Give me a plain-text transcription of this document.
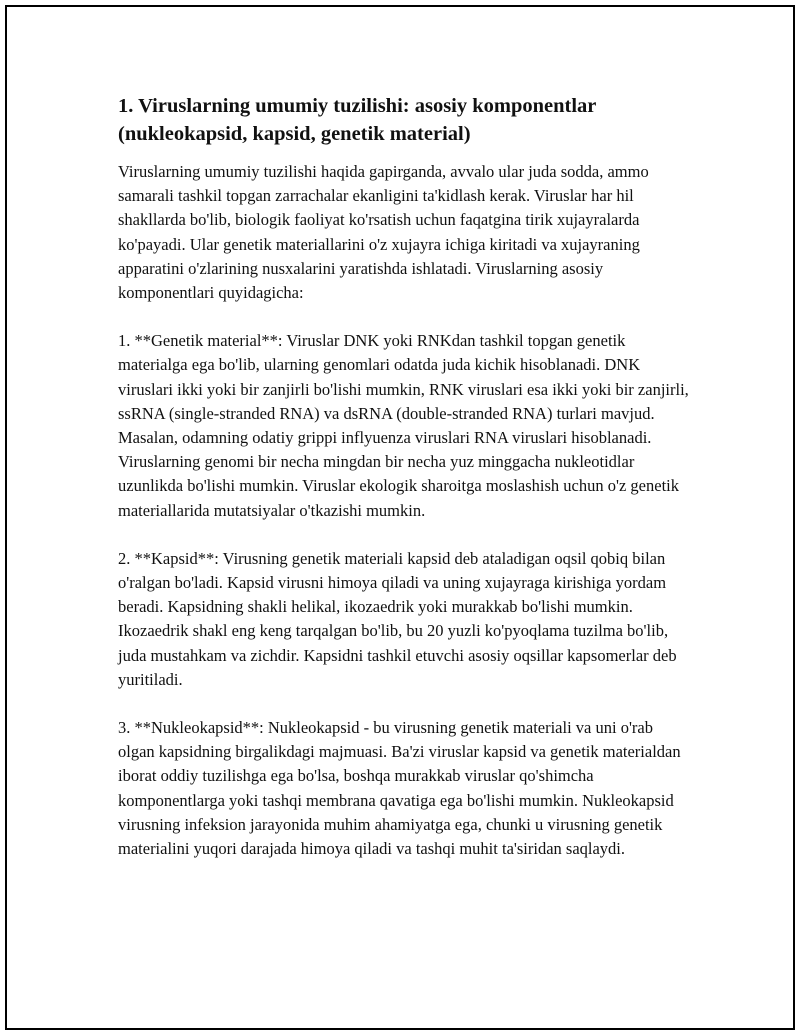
1. Viruslarning umumiy tuzilishi: asosiy komponentlar (nukleokapsid, kapsid, genetik material)

Viruslarning umumiy tuzilishi haqida gapirganda, avvalo ular juda sodda, ammo samarali tashkil topgan zarrachalar ekanligini ta'kidlash kerak. Viruslar har hil shakllarda bo'lib, biologik faoliyat ko'rsatish uchun faqatgina tirik xujayralarda ko'payadi. Ular genetik materiallarini o'z xujayra ichiga kiritadi va xujayraning apparatini o'zlarining nusxalarini yaratishda ishlatadi. Viruslarning asosiy komponentlari quyidagicha:

1. **Genetik material**: Viruslar DNK yoki RNKdan tashkil topgan genetik materialga ega bo'lib, ularning genomlari odatda juda kichik hisoblanadi. DNK viruslari ikki yoki bir zanjirli bo'lishi mumkin, RNK viruslari esa ikki yoki bir zanjirli, ssRNA (single-stranded RNA) va dsRNA (double-stranded RNA) turlari mavjud. Masalan, odamning odatiy grippi inflyuenza viruslari RNA viruslari hisoblanadi. Viruslarning genomi bir necha mingdan bir necha yuz minggacha nukleotidlar uzunlikda bo'lishi mumkin. Viruslar ekologik sharoitga moslashish uchun o'z genetik materiallarida mutatsiyalar o'tkazishi mumkin.

2. **Kapsid**: Virusning genetik materiali kapsid deb ataladigan oqsil qobiq bilan o'ralgan bo'ladi. Kapsid virusni himoya qiladi va uning xujayraga kirishiga yordam beradi. Kapsidning shakli helikal, ikozaedrik yoki murakkab bo'lishi mumkin. Ikozaedrik shakl eng keng tarqalgan bo'lib, bu 20 yuzli ko'pyoqlama tuzilma bo'lib, juda mustahkam va zichdir. Kapsidni tashkil etuvchi asosiy oqsillar kapsomerlar deb yuritiladi.

3. **Nukleokapsid**: Nukleokapsid - bu virusning genetik materiali va uni o'rab olgan kapsidning birgalikdagi majmuasi. Ba'zi viruslar kapsid va genetik materialdan iborat oddiy tuzilishga ega bo'lsa, boshqa murakkab viruslar qo'shimcha komponentlarga yoki tashqi membrana qavatiga ega bo'lishi mumkin. Nukleokapsid virusning infeksion jarayonida muhim ahamiyatga ega, chunki u virusning genetik materialini yuqori darajada himoya qiladi va tashqi muhit ta'siridan saqlaydi.
